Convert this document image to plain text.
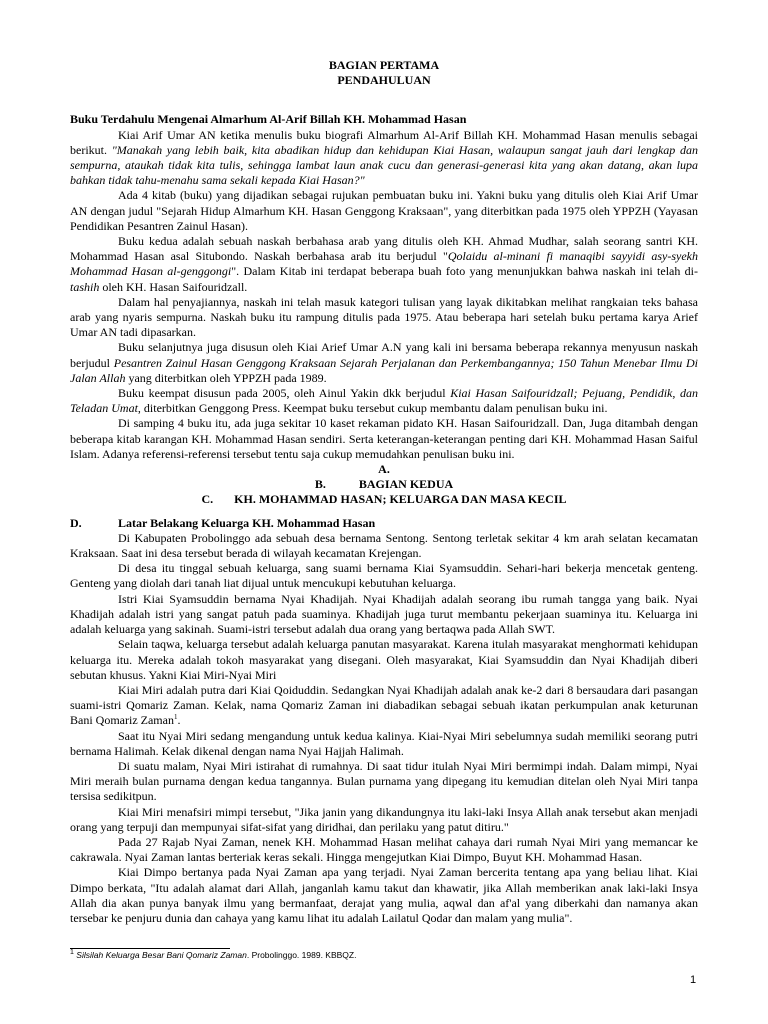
BAGIAN PERTAMA
PENDAHULUAN
Buku Terdahulu Mengenai Almarhum Al-Arif Billah KH. Mohammad Hasan

Kiai Arif Umar AN ketika menulis buku biografi Almarhum Al-Arif Billah KH. Mohammad Hasan menulis sebagai berikut. "Manakah yang lebih baik, kita abadikan hidup dan kehidupan Kiai Hasan, walaupun sangat jauh dari lengkap dan sempurna, ataukah tidak kita tulis, sehingga lambat laun anak cucu dan generasi-generasi kita yang akan datang, akan lupa bahkan tidak tahu-menahu sama sekali kepada Kiai Hasan?"

Ada 4 kitab (buku) yang dijadikan sebagai rujukan pembuatan buku ini. Yakni buku yang ditulis oleh Kiai Arif Umar AN dengan judul "Sejarah Hidup Almarhum KH. Hasan Genggong Kraksaan", yang diterbitkan pada 1975 oleh YPPZH (Yayasan Pendidikan Pesantren Zainul Hasan).

Buku kedua adalah sebuah naskah berbahasa arab yang ditulis oleh KH. Ahmad Mudhar, salah seorang santri KH. Mohammad Hasan asal Situbondo. Naskah berbahasa arab itu berjudul "Qolaidu al-minani fi manaqibi sayyidi asy-syekh Mohammad Hasan al-genggongi". Dalam Kitab ini terdapat beberapa buah foto yang menunjukkan bahwa naskah ini telah di-tashih oleh KH. Hasan Saifouridzall.

Dalam hal penyajiannya, naskah ini telah masuk kategori tulisan yang layak dikitabkan melihat rangkaian teks bahasa arab yang nyaris sempurna. Naskah buku itu rampung ditulis pada 1975. Atau beberapa hari setelah buku pertama karya Arief Umar AN tadi dipasarkan.

Buku selanjutnya juga disusun oleh Kiai Arief Umar A.N yang kali ini bersama beberapa rekannya menyusun naskah berjudul Pesantren Zainul Hasan Genggong Kraksaan Sejarah Perjalanan dan Perkembangannya; 150 Tahun Menebar Ilmu Di Jalan Allah yang diterbitkan oleh YPPZH pada 1989.

Buku keempat disusun pada 2005, oleh Ainul Yakin dkk berjudul Kiai Hasan Saifouridzall; Pejuang, Pendidik, dan Teladan Umat, diterbitkan Genggong Press. Keempat buku tersebut cukup membantu dalam penulisan buku ini.

Di samping 4 buku itu, ada juga sekitar 10 kaset rekaman pidato KH. Hasan Saifouridzall. Dan, Juga ditambah dengan beberapa kitab karangan KH. Mohammad Hasan sendiri. Serta keterangan-keterangan penting dari KH. Mohammad Hasan Saiful Islam. Adanya referensi-referensi tersebut tentu saja cukup memudahkan penulisan buku ini.

A.
B.	BAGIAN KEDUA
C. KH. MOHAMMAD HASAN; KELUARGA DAN MASA KECIL
D.	Latar Belakang Keluarga KH. Mohammad Hasan

Di Kabupaten Probolinggo ada sebuah desa bernama Sentong. Sentong terletak sekitar 4 km arah selatan kecamatan Kraksaan. Saat ini desa tersebut berada di wilayah kecamatan Krejengan.

Di desa itu tinggal sebuah keluarga, sang suami bernama Kiai Syamsuddin. Sehari-hari bekerja mencetak genteng. Genteng yang diolah dari tanah liat dijual untuk mencukupi kebutuhan keluarga.

Istri Kiai Syamsuddin bernama Nyai Khadijah. Nyai Khadijah adalah seorang ibu rumah tangga yang baik. Nyai Khadijah adalah istri yang sangat patuh pada suaminya. Khadijah juga turut membantu pekerjaan suaminya itu. Keluarga ini adalah keluarga yang sakinah. Suami-istri tersebut adalah dua orang yang bertaqwa pada Allah SWT.

Selain taqwa, keluarga tersebut adalah keluarga panutan masyarakat. Karena itulah masyarakat menghormati kehidupan keluarga itu. Mereka adalah tokoh masyarakat yang disegani. Oleh masyarakat, Kiai Syamsuddin dan Nyai Khadijah diberi sebutan khusus. Yakni Kiai Miri-Nyai Miri

Kiai Miri adalah putra dari Kiai Qoiduddin. Sedangkan Nyai Khadijah adalah anak ke-2 dari 8 bersaudara dari pasangan suami-istri Qomariz Zaman. Kelak, nama Qomariz Zaman ini diabadikan sebagai sebuah ikatan perkumpulan anak keturunan Bani Qomariz Zaman$^1$.

Saat itu Nyai Miri sedang mengandung untuk kedua kalinya. Kiai-Nyai Miri sebelumnya sudah memiliki seorang putri bernama Halimah. Kelak dikenal dengan nama Nyai Hajjah Halimah.

Di suatu malam, Nyai Miri istirahat di rumahnya. Di saat tidur itulah Nyai Miri bermimpi indah. Dalam mimpi, Nyai Miri meraih bulan purnama dengan kedua tangannya. Bulan purnama yang dipegang itu kemudian ditelan oleh Nyai Miri tanpa tersisa sedikitpun.

Kiai Miri menafsiri mimpi tersebut, "Jika janin yang dikandungnya itu laki-laki Insya Allah anak tersebut akan menjadi orang yang terpuji dan mempunyai sifat-sifat yang diridhai, dan perilaku yang patut ditiru."

Pada 27 Rajab Nyai Zaman, nenek KH. Mohammad Hasan melihat cahaya dari rumah Nyai Miri yang memancar ke cakrawala. Nyai Zaman lantas berteriak keras sekali. Hingga mengejutkan Kiai Dimpo, Buyut KH. Mohammad Hasan.

Kiai Dimpo bertanya pada Nyai Zaman apa yang terjadi. Nyai Zaman bercerita tentang apa yang beliau lihat. Kiai Dimpo berkata, "Itu adalah alamat dari Allah, janganlah kamu takut dan khawatir, jika Allah memberikan anak laki-laki Insya Allah dia akan punya banyak ilmu yang bermanfaat, derajat yang mulia, aqwal dan af'al yang diberkahi dan namanya akan tersebar ke penjuru dunia dan cahaya yang kamu lihat itu adalah Lailatul Qodar dan malam yang mulia".

$^1$ Silsilah Keluarga Besar Bani Qomariz Zaman. Probolinggo. 1989. KBBQZ.
1
